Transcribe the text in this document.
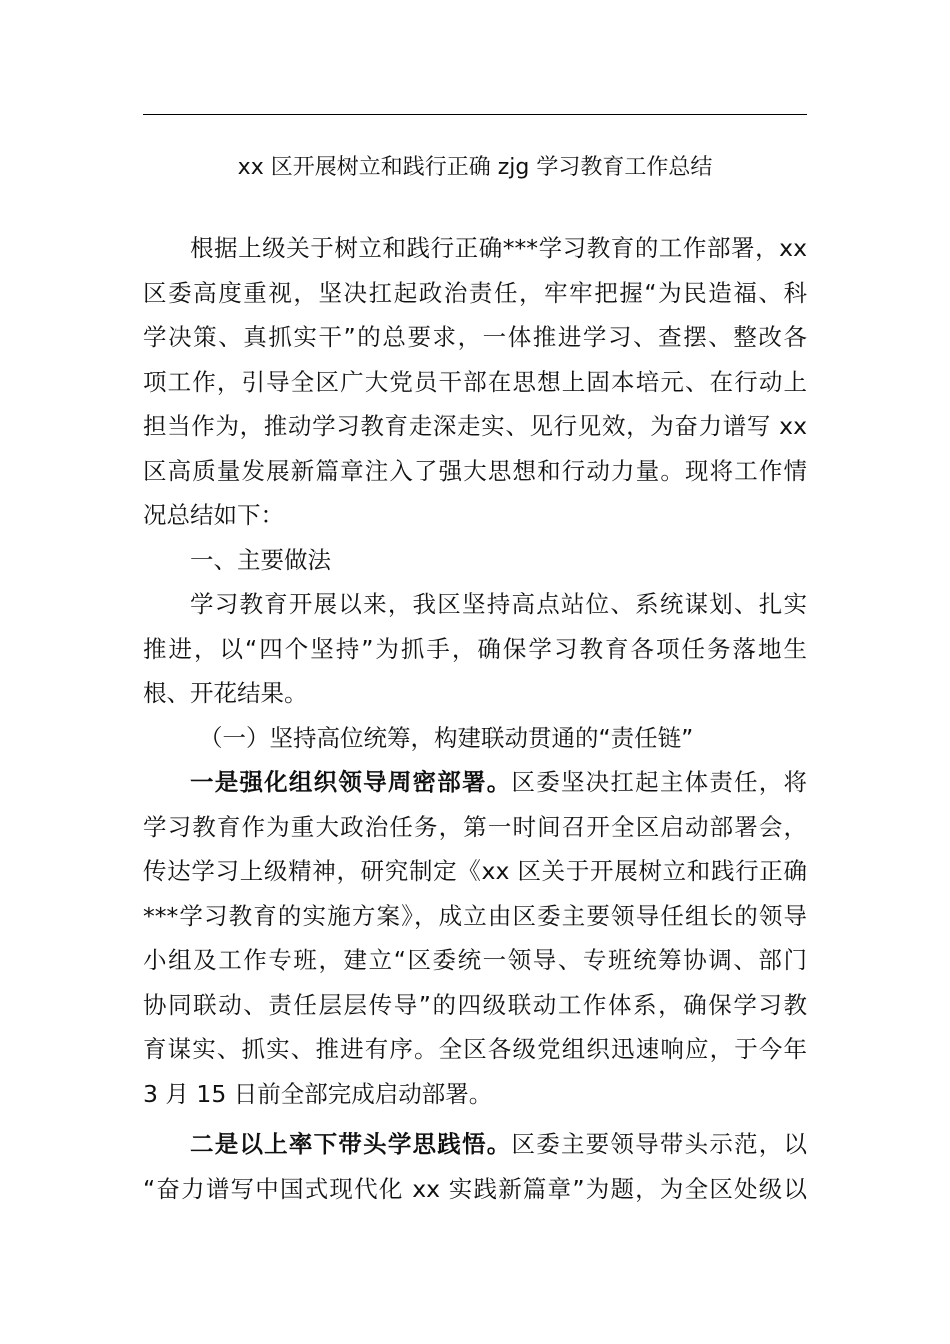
xx 区开展树立和践行正确 zjg 学习教育工作总结
根据上级关于树立和践行正确***学习教育的工作部署，xx
区委高度重视，坚决扛起政治责任，牢牢把握“为民造福、科
学决策、真抓实干”的总要求，一体推进学习、查摆、整改各
项工作，引导全区广大党员干部在思想上固本培元、在行动上
担当作为，推动学习教育走深走实、见行见效，为奋力谱写 xx
区高质量发展新篇章注入了强大思想和行动力量。现将工作情
况总结如下：
一、主要做法
学习教育开展以来，我区坚持高点站位、系统谋划、扎实
推进，以“四个坚持”为抓手，确保学习教育各项任务落地生
根、开花结果。
（一）坚持高位统筹，构建联动贯通的“责任链”
一是强化组织领导周密部署。区委坚决扛起主体责任，将
学习教育作为重大政治任务，第一时间召开全区启动部署会，
传达学习上级精神，研究制定《xx 区关于开展树立和践行正确
***学习教育的实施方案》，成立由区委主要领导任组长的领导
小组及工作专班，建立“区委统一领导、专班统筹协调、部门
协同联动、责任层层传导”的四级联动工作体系，确保学习教
育谋实、抓实、推进有序。全区各级党组织迅速响应，于今年
3 月 15 日前全部完成启动部署。
二是以上率下带头学思践悟。区委主要领导带头示范，以
“奋力谱写中国式现代化 xx 实践新篇章”为题，为全区处级以
